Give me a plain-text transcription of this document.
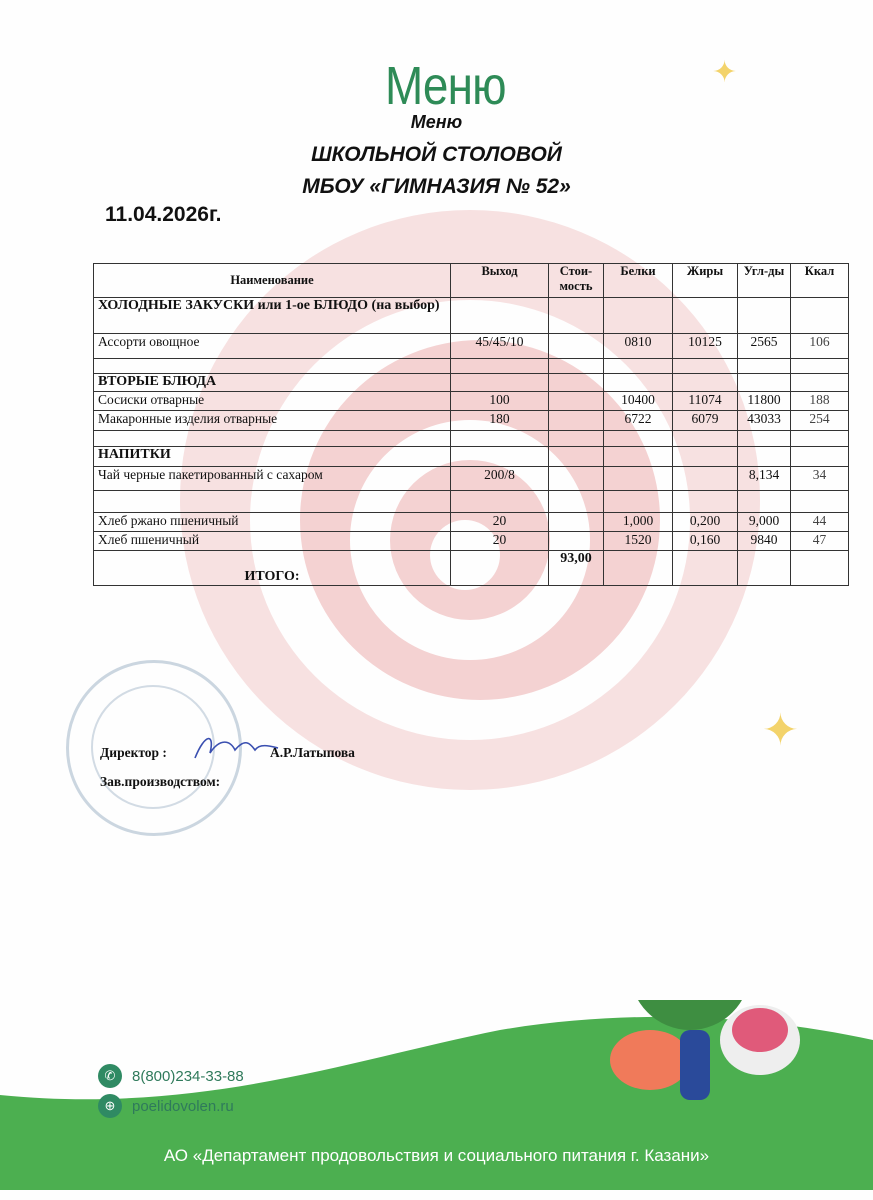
✦
✦
Меню
Меню
ШКОЛЬНОЙ СТОЛОВОЙ
МБОУ «ГИМНАЗИЯ № 52»
11.04.2026г.
Наименование	Выход	Стои-мость	Белки	Жиры	Угл-ды	Ккал
ХОЛОДНЫЕ ЗАКУСКИ или 1-ое БЛЮДО (на выбор)						
Ассорти овощное	45/45/10		0810	10125	2565	106

ВТОРЫЕ БЛЮДА						
Сосиски отварные	100		10400	11074	11800	188
Макаронные изделия отварные	180		6722	6079	43033	254

НАПИТКИ						
Чай черные пакетированный с сахаром	200/8				8,134	34

Хлеб ржано пшеничный	20		1,000	0,200	9,000	44
Хлеб пшеничный	20		1520	0,160	9840	47
ИТОГО:		93,00				
Директор :	А.Р.Латыпова
Зав.производством:
✆	8(800)234-33-88
⊕	poelidovolen.ru
АО «Департамент продовольствия и социального питания г. Казани»
